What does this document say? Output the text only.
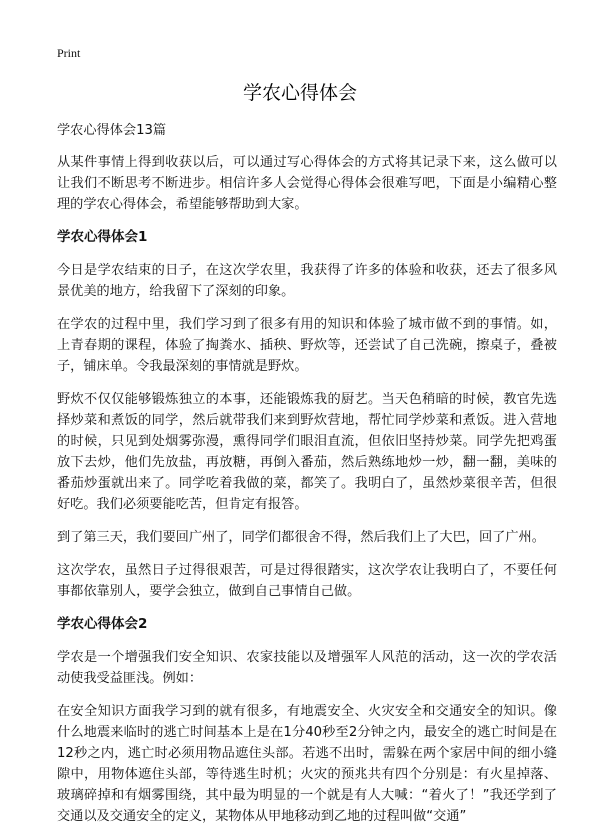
Print
学农心得体会

学农心得体会13篇

从某件事情上得到收获以后，可以通过写心得体会的方式将其记录下来，这么做可以让我们不断思考不断进步。相信许多人会觉得心得体会很难写吧，下面是小编精心整理的学农心得体会，希望能够帮助到大家。

学农心得体会1

今日是学农结束的日子，在这次学农里，我获得了许多的体验和收获，还去了很多风景优美的地方，给我留下了深刻的印象。

在学农的过程中里，我们学习到了很多有用的知识和体验了城市做不到的事情。如，上青春期的课程，体验了掏粪水、插秧、野炊等，还尝试了自己洗碗，擦桌子，叠被子，铺床单。令我最深刻的事情就是野炊。

野炊不仅仅能够锻炼独立的本事，还能锻炼我的厨艺。当天色稍暗的时候，教官先选择炒菜和煮饭的同学，然后就带我们来到野炊营地，帮忙同学炒菜和煮饭。进入营地的时候，只见到处烟雾弥漫，熏得同学们眼泪直流，但依旧坚持炒菜。同学先把鸡蛋放下去炒，他们先放盐，再放糖，再倒入番茄，然后熟练地炒一炒，翻一翻，美味的番茄炒蛋就出来了。同学吃着我做的菜，都笑了。我明白了，虽然炒菜很辛苦，但很好吃。我们必须要能吃苦，但肯定有报答。

到了第三天，我们要回广州了，同学们都很舍不得，然后我们上了大巴，回了广州。

这次学农，虽然日子过得很艰苦，可是过得很踏实，这次学农让我明白了，不要任何事都依靠别人，要学会独立，做到自己事情自己做。

学农心得体会2

学农是一个增强我们安全知识、农家技能以及增强军人风范的活动，这一次的学农活动使我受益匪浅。例如：

在安全知识方面我学习到的就有很多，有地震安全、火灾安全和交通安全的知识。像什么地震来临时的逃亡时间基本上是在1分40秒至2分钟之内，最安全的逃亡时间是在12秒之内，逃亡时必须用物品遮住头部。若逃不出时，需躲在两个家居中间的细小缝隙中，用物体遮住头部，等待逃生时机；火灾的预兆共有四个分别是：有火星掉落、玻璃碎掉和有烟雾围绕，其中最为明显的一个就是有人大喊：“着火了！”我还学到了交通以及交通安全的定义，某物体从甲地移动到乙地的过程叫做“交通”
